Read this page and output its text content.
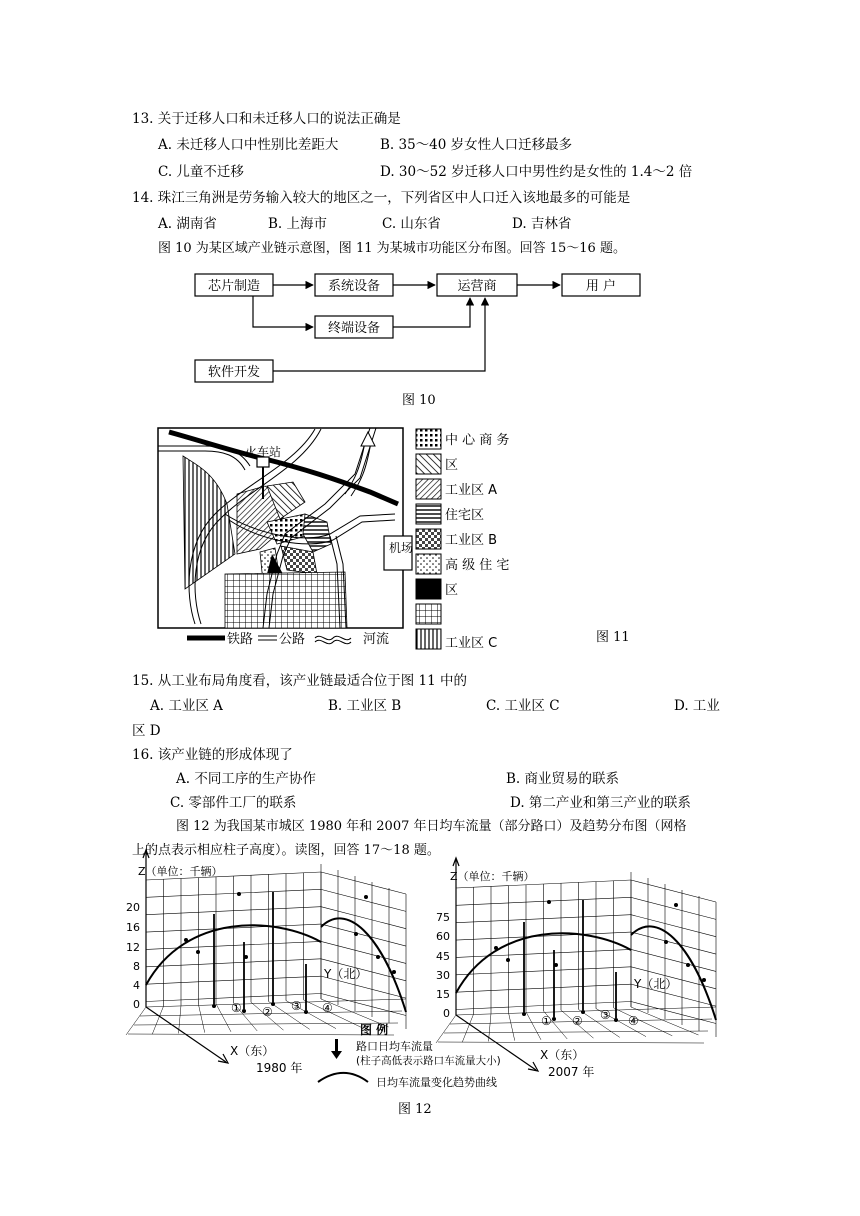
13. 关于迁移人口和未迁移人口的说法正确是
A. 未迁移人口中性别比差距大	B. 35～40 岁女性人口迁移最多
C. 儿童不迁移	D. 30～52 岁迁移人口中男性约是女性的 1.4～2 倍
14. 珠江三角洲是劳务输入较大的地区之一，下列省区中人口迁入该地最多的可能是
A. 湖南省	B. 上海市	C. 山东省	D. 吉林省
图 10 为某区域产业链示意图，图 11 为某城市功能区分布图。回答 15～16 题。
芯片制造	系统设备	运营商	用 户
终端设备
软件开发
图 10
火车站
机场
中 心 商 务
区
工业区 A
住宅区
工业区 B
高 级 住 宅
区
工业区 C
铁路 公路	河流	图 11
15. 从工业布局角度看，该产业链最适合位于图 11 中的
A. 工业区 A	B. 工业区 B	C. 工业区 C	D. 工业
区 D
16. 该产业链的形成体现了
A. 不同工序的生产协作	B. 商业贸易的联系
C. 零部件工厂的联系	D. 第二产业和第三产业的联系
图 12 为我国某市城区 1980 年和 2007 年日均车流量（部分路口）及趋势分布图（网格
上的点表示相应柱子高度）。读图，回答 17～18 题。
Z（单位：千辆）	Z（单位：千辆）
20
16
12
8
4
0
75
60
45
30
15
0
Y（北）
Y（北）
X（东）
1980 年
X（东）
2007 年
① ② ③ ④
① ② ③ ④
图 例
路口日均车流量
(柱子高低表示路口车流量大小)
日均车流量变化趋势曲线
图 12
